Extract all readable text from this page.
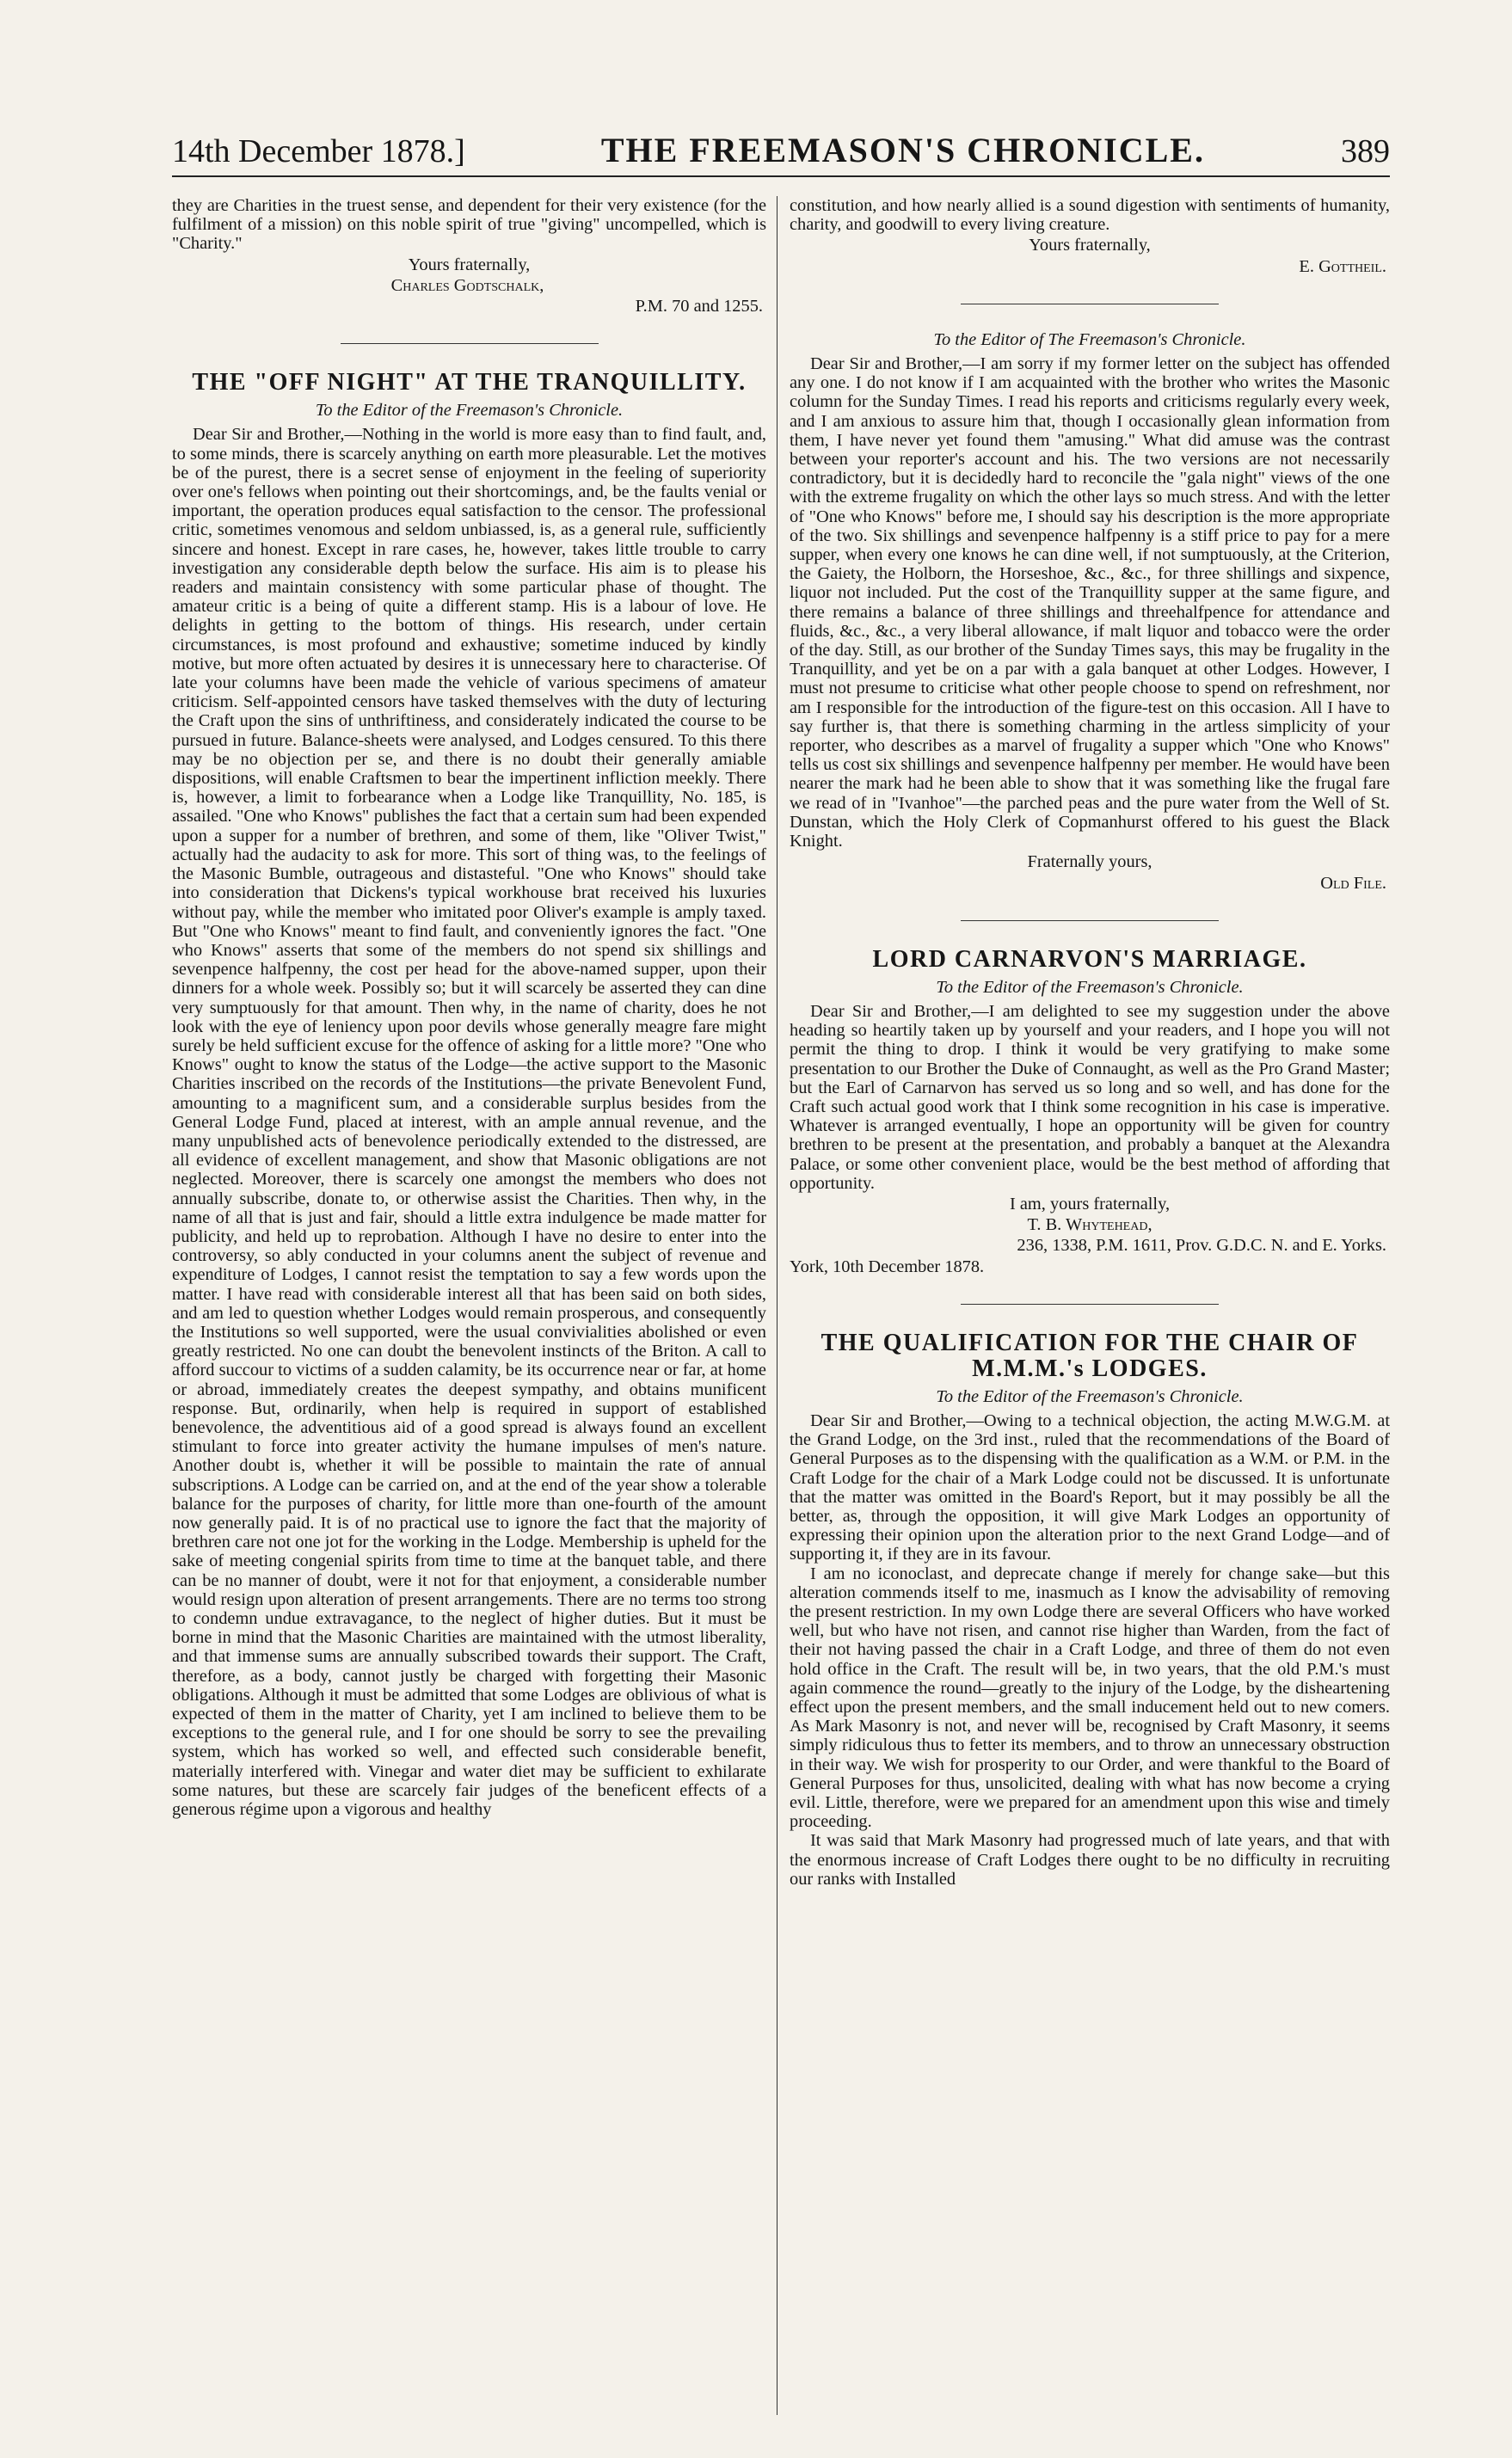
14th December 1878.]	THE FREEMASON'S CHRONICLE.	389

they are Charities in the truest sense, and dependent for their very existence (for the fulfilment of a mission) on this noble spirit of true "giving" uncompelled, which is "Charity."

Yours fraternally,

Charles Godtschalk,

P.M. 70 and 1255.

THE "OFF NIGHT" AT THE TRANQUILLITY.

To the Editor of the Freemason's Chronicle.

Dear Sir and Brother,—Nothing in the world is more easy than to find fault, and, to some minds, there is scarcely anything on earth more pleasurable. Let the motives be of the purest, there is a secret sense of enjoyment in the feeling of superiority over one's fellows when pointing out their shortcomings, and, be the faults venial or important, the operation produces equal satisfaction to the censor. The professional critic, sometimes venomous and seldom unbiassed, is, as a general rule, sufficiently sincere and honest. Except in rare cases, he, however, takes little trouble to carry investigation any considerable depth below the surface. His aim is to please his readers and maintain consistency with some particular phase of thought. The amateur critic is a being of quite a different stamp. His is a labour of love. He delights in getting to the bottom of things. His research, under certain circumstances, is most profound and exhaustive; sometime induced by kindly motive, but more often actuated by desires it is unnecessary here to characterise. Of late your columns have been made the vehicle of various specimens of amateur criticism. Self-appointed censors have tasked themselves with the duty of lecturing the Craft upon the sins of unthriftiness, and considerately indicated the course to be pursued in future. Balance-sheets were analysed, and Lodges censured. To this there may be no objection per se, and there is no doubt their generally amiable dispositions, will enable Craftsmen to bear the impertinent infliction meekly. There is, however, a limit to forbearance when a Lodge like Tranquillity, No. 185, is assailed. "One who Knows" publishes the fact that a certain sum had been expended upon a supper for a number of brethren, and some of them, like "Oliver Twist," actually had the audacity to ask for more. This sort of thing was, to the feelings of the Masonic Bumble, outrageous and distasteful. "One who Knows" should take into consideration that Dickens's typical workhouse brat received his luxuries without pay, while the member who imitated poor Oliver's example is amply taxed. But "One who Knows" meant to find fault, and conveniently ignores the fact. "One who Knows" asserts that some of the members do not spend six shillings and sevenpence halfpenny, the cost per head for the above-named supper, upon their dinners for a whole week. Possibly so; but it will scarcely be asserted they can dine very sumptuously for that amount. Then why, in the name of charity, does he not look with the eye of leniency upon poor devils whose generally meagre fare might surely be held sufficient excuse for the offence of asking for a little more? "One who Knows" ought to know the status of the Lodge—the active support to the Masonic Charities inscribed on the records of the Institutions—the private Benevolent Fund, amounting to a magnificent sum, and a considerable surplus besides from the General Lodge Fund, placed at interest, with an ample annual revenue, and the many unpublished acts of benevolence periodically extended to the distressed, are all evidence of excellent management, and show that Masonic obligations are not neglected. Moreover, there is scarcely one amongst the members who does not annually subscribe, donate to, or otherwise assist the Charities. Then why, in the name of all that is just and fair, should a little extra indulgence be made matter for publicity, and held up to reprobation. Although I have no desire to enter into the controversy, so ably conducted in your columns anent the subject of revenue and expenditure of Lodges, I cannot resist the temptation to say a few words upon the matter. I have read with considerable interest all that has been said on both sides, and am led to question whether Lodges would remain prosperous, and consequently the Institutions so well supported, were the usual convivialities abolished or even greatly restricted. No one can doubt the benevolent instincts of the Briton. A call to afford succour to victims of a sudden calamity, be its occurrence near or far, at home or abroad, immediately creates the deepest sympathy, and obtains munificent response. But, ordinarily, when help is required in support of established benevolence, the adventitious aid of a good spread is always found an excellent stimulant to force into greater activity the humane impulses of men's nature. Another doubt is, whether it will be possible to maintain the rate of annual subscriptions. A Lodge can be carried on, and at the end of the year show a tolerable balance for the purposes of charity, for little more than one-fourth of the amount now generally paid. It is of no practical use to ignore the fact that the majority of brethren care not one jot for the working in the Lodge. Membership is upheld for the sake of meeting congenial spirits from time to time at the banquet table, and there can be no manner of doubt, were it not for that enjoyment, a considerable number would resign upon alteration of present arrangements. There are no terms too strong to condemn undue extravagance, to the neglect of higher duties. But it must be borne in mind that the Masonic Charities are maintained with the utmost liberality, and that immense sums are annually subscribed towards their support. The Craft, therefore, as a body, cannot justly be charged with forgetting their Masonic obligations. Although it must be admitted that some Lodges are oblivious of what is expected of them in the matter of Charity, yet I am inclined to believe them to be exceptions to the general rule, and I for one should be sorry to see the prevailing system, which has worked so well, and effected such considerable benefit, materially interfered with. Vinegar and water diet may be sufficient to exhilarate some natures, but these are scarcely fair judges of the beneficent effects of a generous régime upon a vigorous and healthy

constitution, and how nearly allied is a sound digestion with sentiments of humanity, charity, and goodwill to every living creature.

Yours fraternally,

E. Gottheil.

To the Editor of The Freemason's Chronicle.

Dear Sir and Brother,—I am sorry if my former letter on the subject has offended any one. I do not know if I am acquainted with the brother who writes the Masonic column for the Sunday Times. I read his reports and criticisms regularly every week, and I am anxious to assure him that, though I occasionally glean information from them, I have never yet found them "amusing." What did amuse was the contrast between your reporter's account and his. The two versions are not necessarily contradictory, but it is decidedly hard to reconcile the "gala night" views of the one with the extreme frugality on which the other lays so much stress. And with the letter of "One who Knows" before me, I should say his description is the more appropriate of the two. Six shillings and sevenpence halfpenny is a stiff price to pay for a mere supper, when every one knows he can dine well, if not sumptuously, at the Criterion, the Gaiety, the Holborn, the Horseshoe, &c., &c., for three shillings and sixpence, liquor not included. Put the cost of the Tranquillity supper at the same figure, and there remains a balance of three shillings and threehalfpence for attendance and fluids, &c., &c., a very liberal allowance, if malt liquor and tobacco were the order of the day. Still, as our brother of the Sunday Times says, this may be frugality in the Tranquillity, and yet be on a par with a gala banquet at other Lodges. However, I must not presume to criticise what other people choose to spend on refreshment, nor am I responsible for the introduction of the figure-test on this occasion. All I have to say further is, that there is something charming in the artless simplicity of your reporter, who describes as a marvel of frugality a supper which "One who Knows" tells us cost six shillings and sevenpence halfpenny per member. He would have been nearer the mark had he been able to show that it was something like the frugal fare we read of in "Ivanhoe"—the parched peas and the pure water from the Well of St. Dunstan, which the Holy Clerk of Copmanhurst offered to his guest the Black Knight.

Fraternally yours,

Old File.

LORD CARNARVON'S MARRIAGE.

To the Editor of the Freemason's Chronicle.

Dear Sir and Brother,—I am delighted to see my suggestion under the above heading so heartily taken up by yourself and your readers, and I hope you will not permit the thing to drop. I think it would be very gratifying to make some presentation to our Brother the Duke of Connaught, as well as the Pro Grand Master; but the Earl of Carnarvon has served us so long and so well, and has done for the Craft such actual good work that I think some recognition in his case is imperative. Whatever is arranged eventually, I hope an opportunity will be given for country brethren to be present at the presentation, and probably a banquet at the Alexandra Palace, or some other convenient place, would be the best method of affording that opportunity.

I am, yours fraternally,

T. B. Whytehead,

236, 1338, P.M. 1611, Prov. G.D.C. N. and E. Yorks.

York, 10th December 1878.

THE QUALIFICATION FOR THE CHAIR OF M.M.M.'s LODGES.

To the Editor of the Freemason's Chronicle.

Dear Sir and Brother,—Owing to a technical objection, the acting M.W.G.M. at the Grand Lodge, on the 3rd inst., ruled that the recommendations of the Board of General Purposes as to the dispensing with the qualification as a W.M. or P.M. in the Craft Lodge for the chair of a Mark Lodge could not be discussed. It is unfortunate that the matter was omitted in the Board's Report, but it may possibly be all the better, as, through the opposition, it will give Mark Lodges an opportunity of expressing their opinion upon the alteration prior to the next Grand Lodge—and of supporting it, if they are in its favour.

I am no iconoclast, and deprecate change if merely for change sake—but this alteration commends itself to me, inasmuch as I know the advisability of removing the present restriction. In my own Lodge there are several Officers who have worked well, but who have not risen, and cannot rise higher than Warden, from the fact of their not having passed the chair in a Craft Lodge, and three of them do not even hold office in the Craft. The result will be, in two years, that the old P.M.'s must again commence the round—greatly to the injury of the Lodge, by the disheartening effect upon the present members, and the small inducement held out to new comers. As Mark Masonry is not, and never will be, recognised by Craft Masonry, it seems simply ridiculous thus to fetter its members, and to throw an unnecessary obstruction in their way. We wish for prosperity to our Order, and were thankful to the Board of General Purposes for thus, unsolicited, dealing with what has now become a crying evil. Little, therefore, were we prepared for an amendment upon this wise and timely proceeding.

It was said that Mark Masonry had progressed much of late years, and that with the enormous increase of Craft Lodges there ought to be no difficulty in recruiting our ranks with Installed
